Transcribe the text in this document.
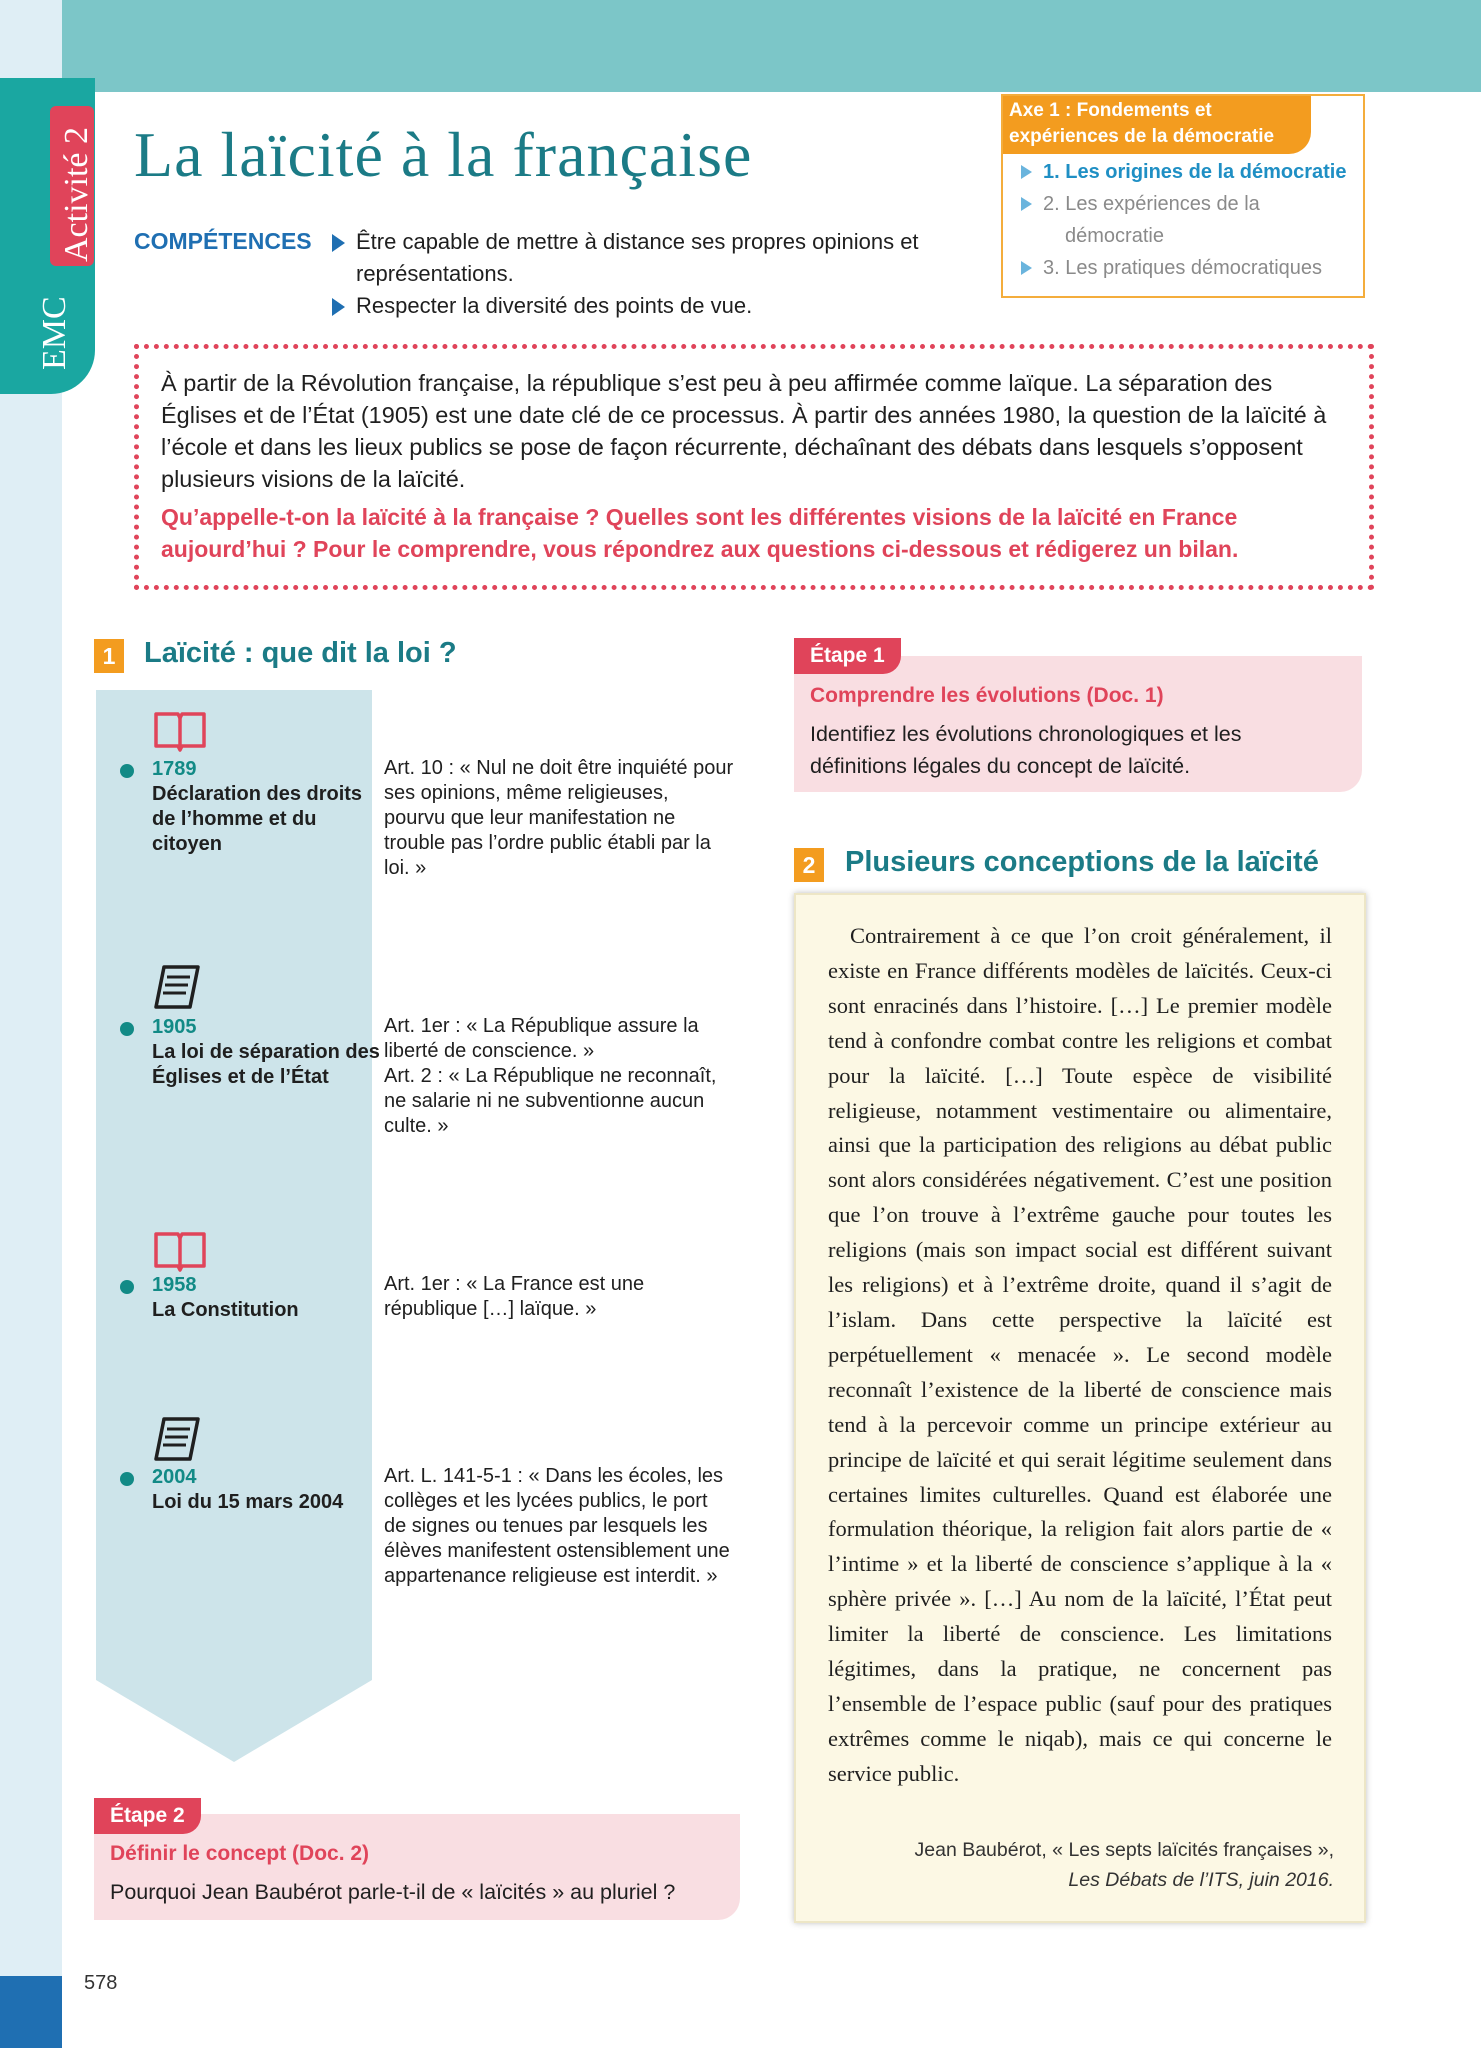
Activité 2
EMC
La laïcité à la française
COMPÉTENCES	Être capable de mettre à distance ses propres opinions et représentations.
Respecter la diversité des points de vue.
Axe 1 : Fondements et expériences de la démocratie
1. Les origines de la démocratie
2. Les expériences de la
démocratie
3. Les pratiques démocratiques
À partir de la Révolution française, la république s’est peu à peu affirmée comme laïque. La séparation des Églises et de l’État (1905) est une date clé de ce processus. À partir des années 1980, la question de la laïcité à l’école et dans les lieux publics se pose de façon récurrente, déchaînant des débats dans lesquels s’opposent plusieurs visions de la laïcité.
Qu’appelle-t-on la laïcité à la française ? Quelles sont les différentes visions de la laïcité en France aujourd’hui ? Pour le comprendre, vous répondrez aux questions ci-dessous et rédigerez un bilan.
1 Laïcité : que dit la loi ?
1789
Déclaration des droits de l’homme et du citoyen
Art. 10 : « Nul ne doit être inquiété pour ses opinions, même religieuses, pourvu que leur manifestation ne trouble pas l’ordre public établi par la loi. »
1905
La loi de séparation des Églises et de l’État
Art. 1er : « La République assure la liberté de conscience. »
Art. 2 : « La République ne reconnaît, ne salarie ni ne subventionne aucun culte. »
1958
La Constitution
Art. 1er : « La France est une république […] laïque. »
2004
Loi du 15 mars 2004
Art. L. 141-5-1 : « Dans les écoles, les collèges et les lycées publics, le port de signes ou tenues par lesquels les élèves manifestent ostensiblement une appartenance religieuse est interdit. »
Étape 1
Comprendre les évolutions (Doc. 1)
Identifiez les évolutions chronologiques et les définitions légales du concept de laïcité.
2 Plusieurs conceptions de la laïcité
Contrairement à ce que l’on croit généralement, il existe en France différents modèles de laïcités. Ceux-ci sont enracinés dans l’histoire. […] Le premier modèle tend à confondre combat contre les religions et combat pour la laïcité. […] Toute espèce de visibilité religieuse, notamment vestimentaire ou alimentaire, ainsi que la participation des religions au débat public sont alors considérées négativement. C’est une position que l’on trouve à l’extrême gauche pour toutes les religions (mais son impact social est différent suivant les religions) et à l’extrême droite, quand il s’agit de l’islam. Dans cette perspective la laïcité est perpétuellement « menacée ». Le second modèle reconnaît l’existence de la liberté de conscience mais tend à la percevoir comme un principe extérieur au principe de laïcité et qui serait légitime seulement dans certaines limites culturelles. Quand est élaborée une formulation théorique, la religion fait alors partie de « l’intime » et la liberté de conscience s’applique à la « sphère privée ». […] Au nom de la laïcité, l’État peut limiter la liberté de conscience. Les limitations légitimes, dans la pratique, ne concernent pas l’ensemble de l’espace public (sauf pour des pratiques extrêmes comme le niqab), mais ce qui concerne le service public.
Jean Baubérot, « Les septs laïcités françaises »,
Les Débats de l’ITS, juin 2016.
Étape 2
Définir le concept (Doc. 2)
Pourquoi Jean Baubérot parle-t-il de « laïcités » au pluriel ?
578
